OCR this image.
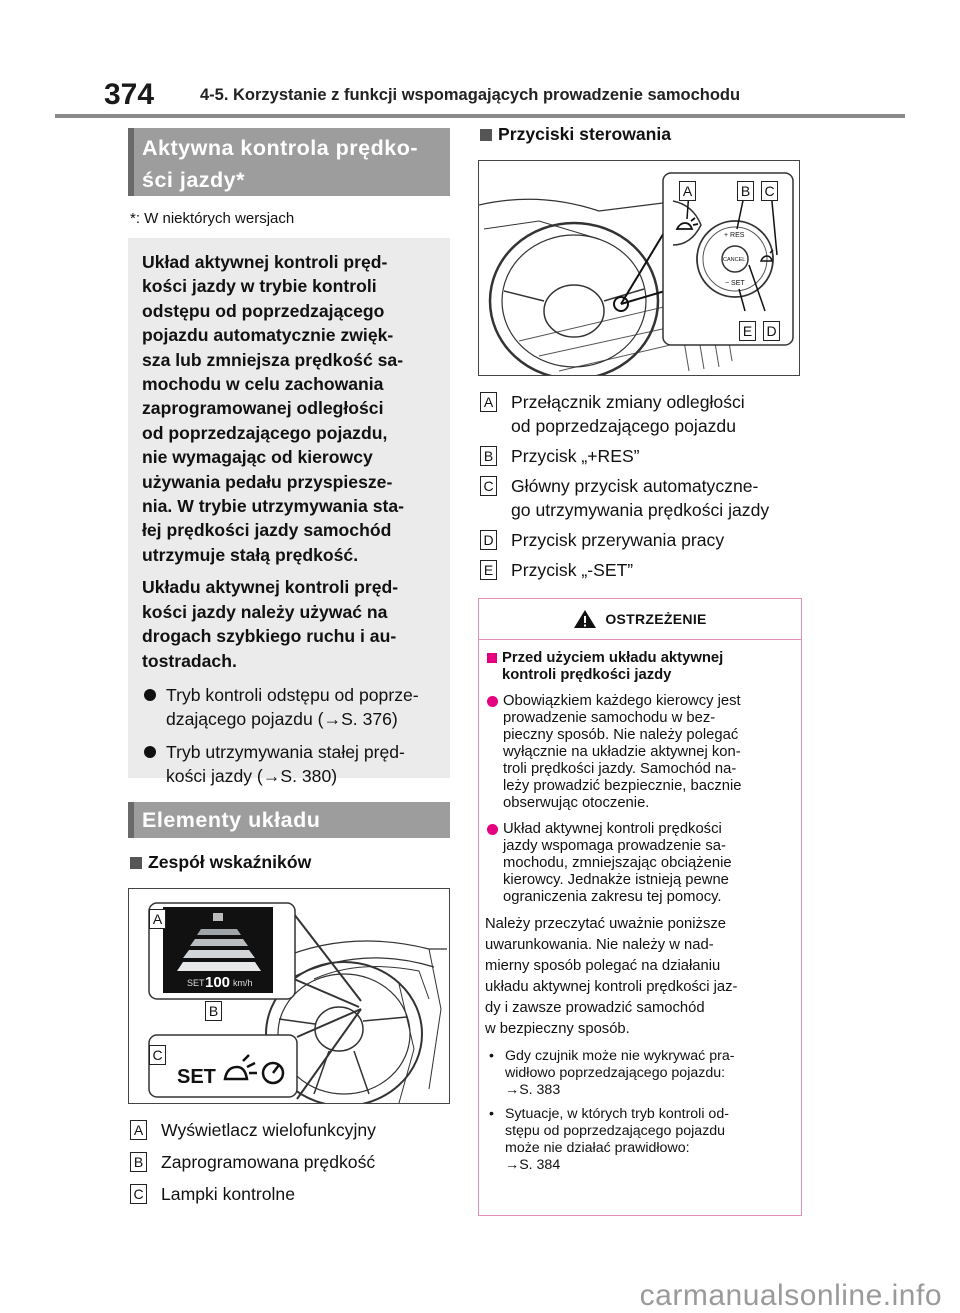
374	4-5. Korzystanie z funkcji wspomagających prowadzenie samochodu
Aktywna kontrola prędko-
ści jazdy*
*: W niektórych wersjach

Układ aktywnej kontroli pręd-
kości jazdy w trybie kontroli
odstępu od poprzedzającego
pojazdu automatycznie zwięk-
sza lub zmniejsza prędkość sa-
mochodu w celu zachowania
zaprogramowanej odległości
od poprzedzającego pojazdu,
nie wymagając od kierowcy
używania pedału przyspiesze-
nia. W trybie utrzymywania sta-
łej prędkości jazdy samochód
utrzymuje stałą prędkość.

Układu aktywnej kontroli pręd-
kości jazdy należy używać na
drogach szybkiego ruchu i au-
tostradach.

Tryb kontroli odstępu od poprze-
dzającego pojazdu (→S. 376)
Tryb utrzymywania stałej pręd-
kości jazdy (→S. 380)
Elementy układu
Zespół wskaźników
SET 100 km/h
SET
A
B
C
A Wyświetlacz wielofunkcyjny
B Zaprogramowana prędkość
C Lampki kontrolne
Przyciski sterowania
+ RES
CANCEL
− SET
A	B C
E D
A Przełącznik zmiany odległości
od poprzedzającego pojazdu
B Przycisk „+RES”
C Główny przycisk automatyczne-
go utrzymywania prędkości jazdy
D Przycisk przerywania pracy
E Przycisk „-SET”
OSTRZEŻENIE
Przed użyciem układu aktywnej
kontroli prędkości jazdy
Obowiązkiem każdego kierowcy jest
prowadzenie samochodu w bez-
pieczny sposób. Nie należy polegać
wyłącznie na układzie aktywnej kon-
troli prędkości jazdy. Samochód na-
leży prowadzić bezpiecznie, bacznie
obserwując otoczenie.
Układ aktywnej kontroli prędkości
jazdy wspomaga prowadzenie sa-
mochodu, zmniejszając obciążenie
kierowcy. Jednakże istnieją pewne
ograniczenia zakresu tej pomocy.
Należy przeczytać uważnie poniższe
uwarunkowania. Nie należy w nad-
mierny sposób polegać na działaniu
układu aktywnej kontroli prędkości jaz-
dy i zawsze prowadzić samochód
w bezpieczny sposób.
• Gdy czujnik może nie wykrywać pra-
widłowo poprzedzającego pojazdu:
→S. 383
• Sytuacje, w których tryb kontroli od-
stępu od poprzedzającego pojazdu
może nie działać prawidłowo:
→S. 384
carmanualsonline.info
